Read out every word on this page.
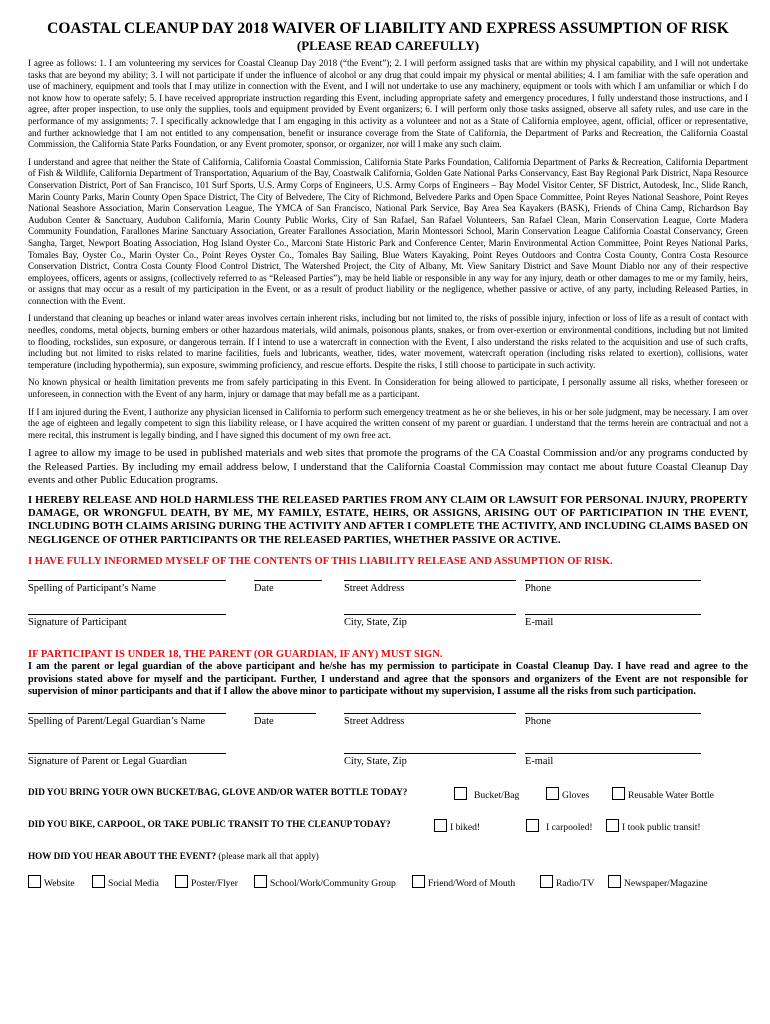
COASTAL CLEANUP DAY 2018 WAIVER OF LIABILITY AND EXPRESS ASSUMPTION OF RISK
(PLEASE READ CAREFULLY)

I agree as follows: 1. I am volunteering my services for Coastal Cleanup Day 2018 (“the Event”); 2. I will perform assigned tasks that are within my physical capability, and I will not undertake tasks that are beyond my ability; 3. I will not participate if under the influence of alcohol or any drug that could impair my physical or mental abilities; 4. I am familiar with the safe operation and use of machinery, equipment and tools that I may utilize in connection with the Event, and I will not undertake to use any machinery, equipment or tools with which I am unfamiliar or which I do not know how to operate safely; 5. I have received appropriate instruction regarding this Event, including appropriate safety and emergency procedures, I fully understand those instructions, and I agree, after proper inspection, to use only the supplies, tools and equipment provided by Event organizers; 6. I will perform only those tasks assigned, observe all safety rules, and use care in the performance of my assignments; 7. I specifically acknowledge that I am engaging in this activity as a volunteer and not as a State of California employee, agent, official, officer or representative, and further acknowledge that I am not entitled to any compensation, benefit or insurance coverage from the State of California, the Department of Parks and Recreation, the California Coastal Commission, the California State Parks Foundation, or any Event promoter, sponsor, or organizer, nor will I make any such claim.

I understand and agree that neither the State of California, California Coastal Commission, California State Parks Foundation, California Department of Parks & Recreation, California Department of Fish & Wildlife, California Department of Transportation, Aquarium of the Bay, Coastwalk California, Golden Gate National Parks Conservancy, East Bay Regional Park District, Napa Resource Conservation District, Port of San Francisco, 101 Surf Sports, U.S. Army Corps of Engineers, U.S. Army Corps of Engineers – Bay Model Visitor Center, SF District, Autodesk, Inc., Slide Ranch, Marin County Parks, Marin County Open Space District, The City of Belvedere, The City of Richmond, Belvedere Parks and Open Space Committee, Point Reyes National Seashore, Point Reyes National Seashore Association, Marin Conservation League, The YMCA of San Francisco, National Park Service, Bay Area Sea Kayakers (BASK), Friends of China Camp, Richardson Bay Audubon Center & Sanctuary, Audubon California, Marin County Public Works, City of San Rafael, San Rafael Volunteers, San Rafael Clean, Marin Conservation League, Corte Madera Community Foundation, Farallones Marine Sanctuary Association, Greater Farallones Association, Marin Montessori School, Marin Conservation League California Coastal Conservancy, Green Sangha, Target, Newport Boating Association, Hog Island Oyster Co., Marconi State Historic Park and Conference Center, Marin Environmental Action Committee, Point Reyes National Parks, Tomales Bay, Oyster Co., Marin Oyster Co., Point Reyes Oyster Co., Tomales Bay Sailing, Blue Waters Kayaking, Point Reyes Outdoors and Contra Costa County, Contra Costa Resource Conservation District, Contra Costa County Flood Control District, The Watershed Project, the City of Albany, Mt. View Sanitary District and Save Mount Diablo nor any of their respective employees, officers, agents or assigns, (collectively referred to as “Released Parties”), may be held liable or responsible in any way for any injury, death or other damages to me or my family, heirs, or assigns that may occur as a result of my participation in the Event, or as a result of product liability or the negligence, whether passive or active, of any party, including Released Parties, in connection with the Event.

I understand that cleaning up beaches or inland water areas involves certain inherent risks, including but not limited to, the risks of possible injury, infection or loss of life as a result of contact with needles, condoms, metal objects, burning embers or other hazardous materials, wild animals, poisonous plants, snakes, or from over-exertion or environmental conditions, including but not limited to flooding, rockslides, sun exposure, or dangerous terrain. If I intend to use a watercraft in connection with the Event, I also understand the risks related to the acquisition and use of such crafts, including but not limited to risks related to marine facilities, fuels and lubricants, weather, tides, water movement, watercraft operation (including risks related to exertion), collisions, water temperature (including hypothermia), sun exposure, swimming proficiency, and rescue efforts. Despite the risks, I still choose to participate in such activity.

No known physical or health limitation prevents me from safely participating in this Event. In Consideration for being allowed to participate, I personally assume all risks, whether foreseen or unforeseen, in connection with the Event of any harm, injury or damage that may befall me as a participant.

If I am injured during the Event, I authorize any physician licensed in California to perform such emergency treatment as he or she believes, in his or her sole judgment, may be necessary. I am over the age of eighteen and legally competent to sign this liability release, or I have acquired the written consent of my parent or guardian. I understand that the terms herein are contractual and not a mere recital, this instrument is legally binding, and I have signed this document of my own free act.

I agree to allow my image to be used in published materials and web sites that promote the programs of the CA Coastal Commission and/or any programs conducted by the Released Parties. By including my email address below, I understand that the California Coastal Commission may contact me about future Coastal Cleanup Day events and other Public Education programs.

I HEREBY RELEASE AND HOLD HARMLESS THE RELEASED PARTIES FROM ANY CLAIM OR LAWSUIT FOR PERSONAL INJURY, PROPERTY DAMAGE, OR WRONGFUL DEATH, BY ME, MY FAMILY, ESTATE, HEIRS, OR ASSIGNS, ARISING OUT OF PARTICIPATION IN THE EVENT, INCLUDING BOTH CLAIMS ARISING DURING THE ACTIVITY AND AFTER I COMPLETE THE ACTIVITY, AND INCLUDING CLAIMS BASED ON NEGLIGENCE OF OTHER PARTICIPANTS OR THE RELEASED PARTIES, WHETHER PASSIVE OR ACTIVE.

I HAVE FULLY INFORMED MYSELF OF THE CONTENTS OF THIS LIABILITY RELEASE AND ASSUMPTION OF RISK.

Spelling of Participant’s Name	Date	Street Address	Phone
Signature of Participant	City, State, Zip	E-mail

IF PARTICIPANT IS UNDER 18, THE PARENT (OR GUARDIAN, IF ANY) MUST SIGN.

I am the parent or legal guardian of the above participant and he/she has my permission to participate in Coastal Cleanup Day. I have read and agree to the provisions stated above for myself and the participant. Further, I understand and agree that the sponsors and organizers of the Event are not responsible for supervision of minor participants and that if I allow the above minor to participate without my supervision, I assume all the risks from such participation.

Spelling of Parent/Legal Guardian’s Name	Date	Street Address	Phone
Signature of Parent or Legal Guardian	City, State, Zip	E-mail
DID YOU BRING YOUR OWN BUCKET/BAG, GLOVE AND/OR WATER BOTTLE TODAY?	Bucket/Bag	Gloves	Reusable Water Bottle
DID YOU BIKE, CARPOOL, OR TAKE PUBLIC TRANSIT TO THE CLEANUP TODAY?	I biked!	I carpooled!	I took public transit!
HOW DID YOU HEAR ABOUT THE EVENT? (please mark all that apply)
Website	Social Media	Poster/Flyer	School/Work/Community Group	Friend/Word of Mouth	Radio/TV	Newspaper/Magazine
